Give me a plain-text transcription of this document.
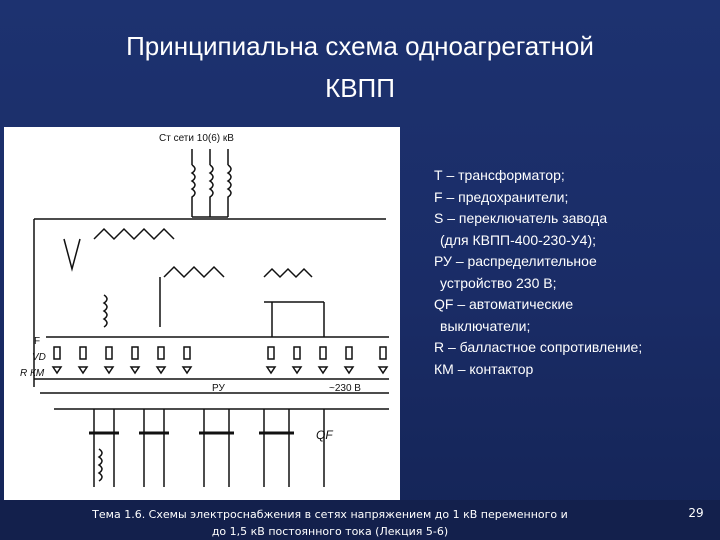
Принципиальна схема одноагрегатной
КВПП
Ст сети 10(6) кВ
F
VD
R КМ
РУ	~230 В
QF
Т – трансформатор;
F – предохранители;
S – переключатель завода
(для КВПП-400-230-У4);
РУ – распределительное
устройство 230 В;
QF – автоматические
выключатели;
R – балластное сопротивление;
КМ – контактор
Тема 1.6. Схемы электроснабжения в сетях напряжением до 1 кВ переменного и
до 1,5 кВ постоянного тока (Лекция 5-6)
29
